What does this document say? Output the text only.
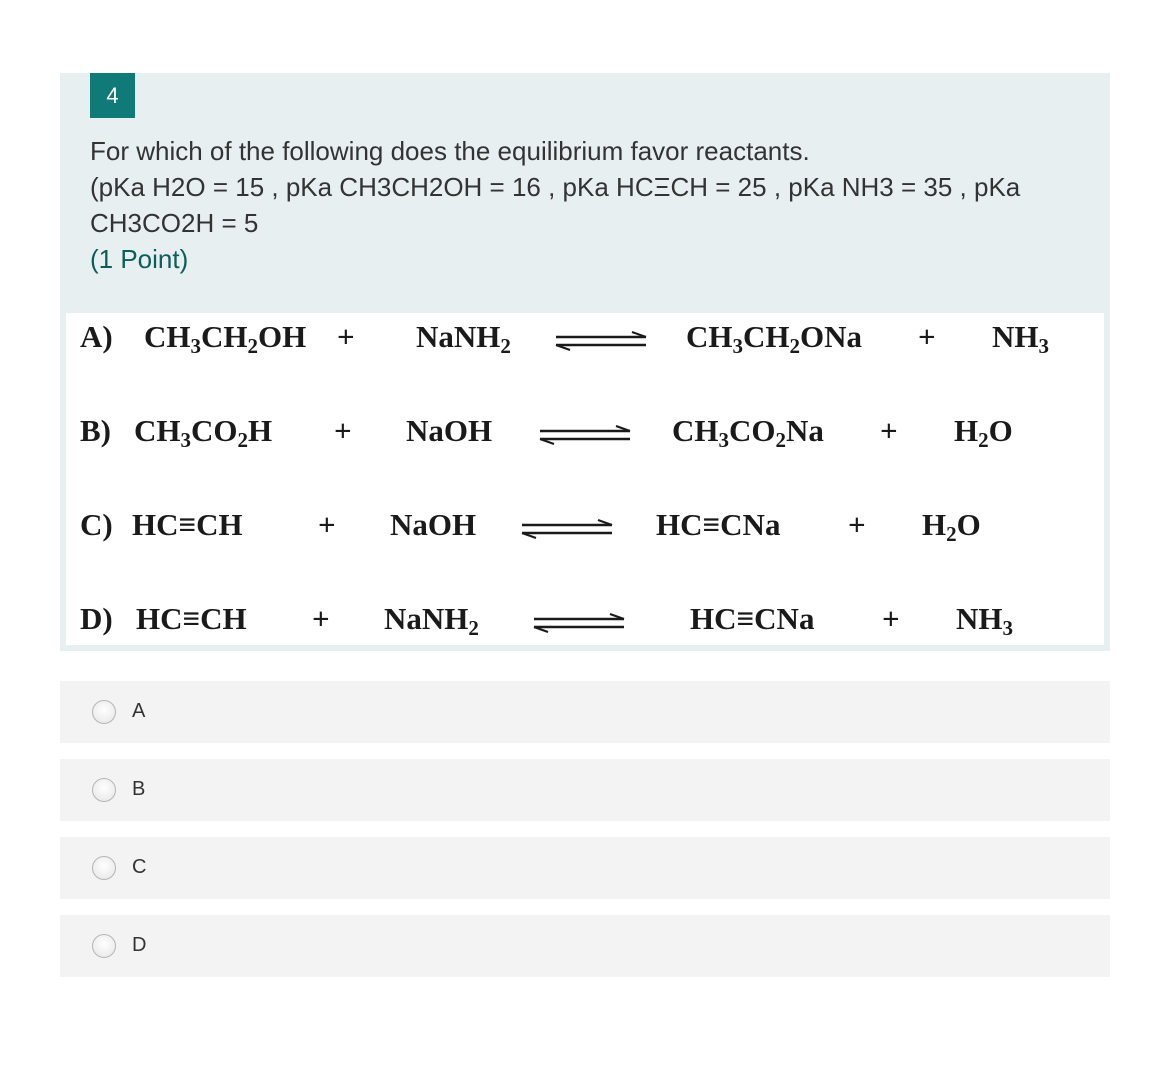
4
For which of the following does the equilibrium favor reactants.
(pKa H2O = 15 , pKa CH3CH2OH = 16 , pKa HCΞCH = 25 , pKa NH3 = 35 , pKa
CH3CO2H = 5
(1 Point)
A) $CH_3CH_2OH$ + NaNH$_2$ ⇌ $CH_3CH_2ONa + NH_3$
B) $CH_3CO_2H$ + NaOH ⇌ $CH_3CO_2Na + H_2O$
C) HC≡CH + NaOH ⇌ $HC\equiv CNa + H_2O$
D) HC≡CH + NaNH$_2$	$HC\equiv CNa + NH_3$
A
B
C
D
